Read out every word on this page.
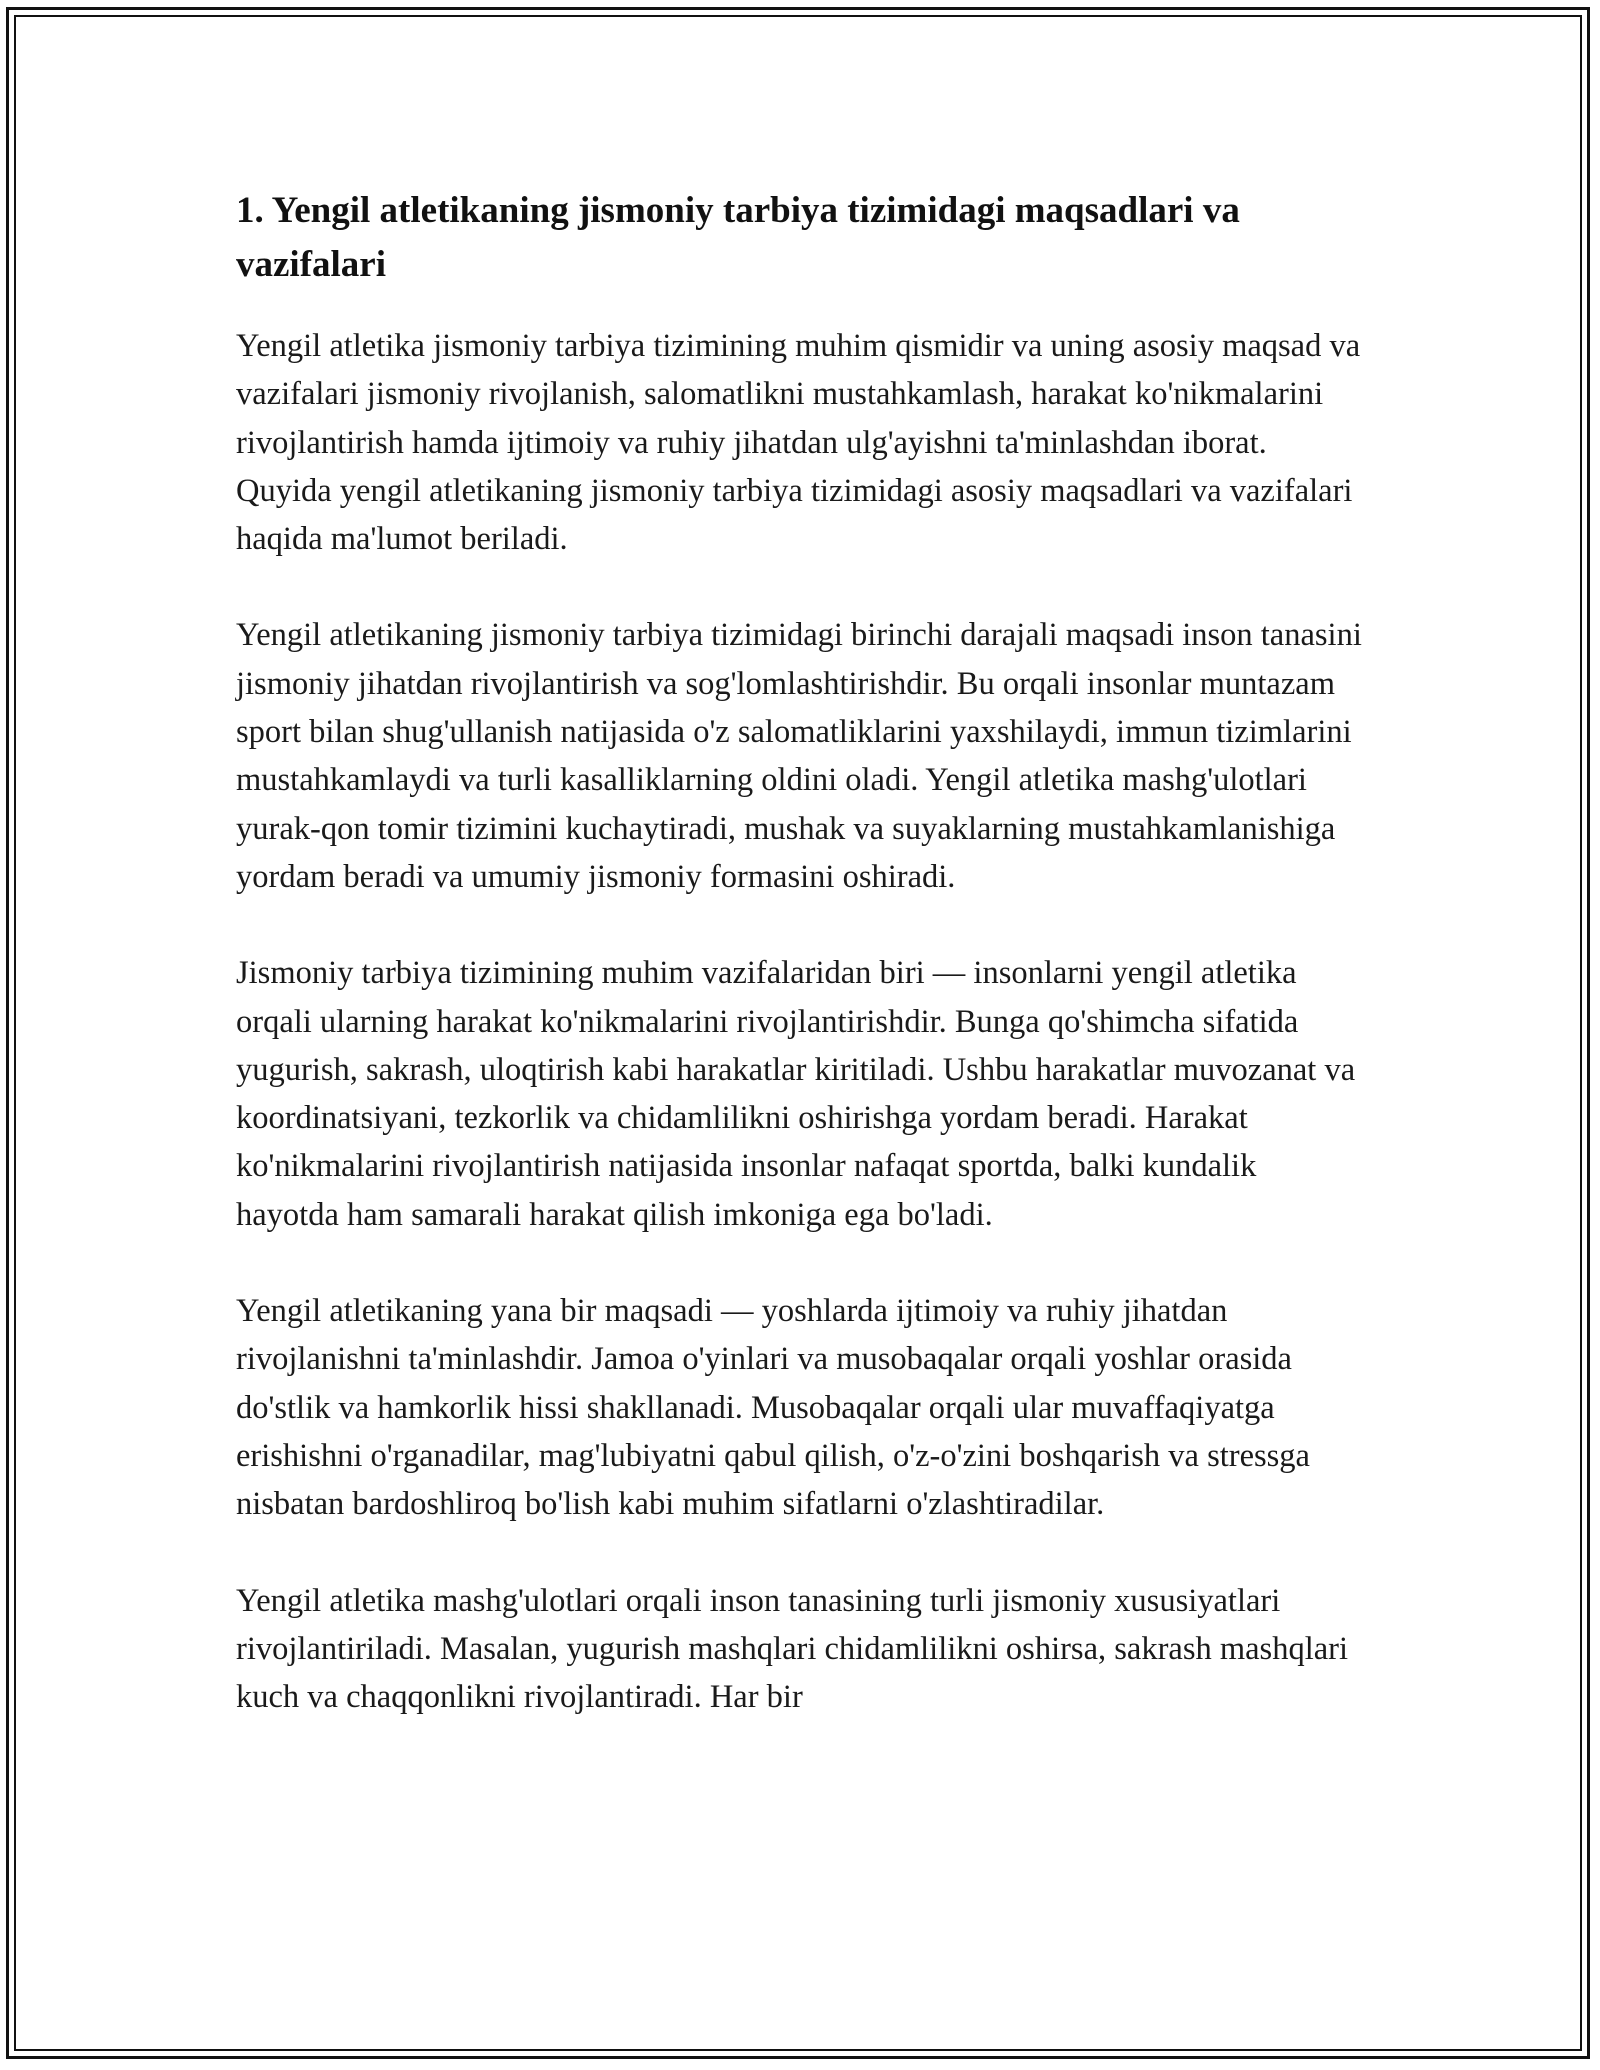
1. Yengil atletikaning jismoniy tarbiya tizimidagi maqsadlari va vazifalari

Yengil atletika jismoniy tarbiya tizimining muhim qismidir va uning asosiy maqsad va vazifalari jismoniy rivojlanish, salomatlikni mustahkamlash, harakat ko'nikmalarini rivojlantirish hamda ijtimoiy va ruhiy jihatdan ulg'ayishni ta'minlashdan iborat. Quyida yengil atletikaning jismoniy tarbiya tizimidagi asosiy maqsadlari va vazifalari haqida ma'lumot beriladi.

Yengil atletikaning jismoniy tarbiya tizimidagi birinchi darajali maqsadi inson tanasini jismoniy jihatdan rivojlantirish va sog'lomlashtirishdir. Bu orqali insonlar muntazam sport bilan shug'ullanish natijasida o'z salomatliklarini yaxshilaydi, immun tizimlarini mustahkamlaydi va turli kasalliklarning oldini oladi. Yengil atletika mashg'ulotlari yurak-qon tomir tizimini kuchaytiradi, mushak va suyaklarning mustahkamlanishiga yordam beradi va umumiy jismoniy formasini oshiradi.

Jismoniy tarbiya tizimining muhim vazifalaridan biri — insonlarni yengil atletika orqali ularning harakat ko'nikmalarini rivojlantirishdir. Bunga qo'shimcha sifatida yugurish, sakrash, uloqtirish kabi harakatlar kiritiladi. Ushbu harakatlar muvozanat va koordinatsiyani, tezkorlik va chidamlilikni oshirishga yordam beradi. Harakat ko'nikmalarini rivojlantirish natijasida insonlar nafaqat sportda, balki kundalik hayotda ham samarali harakat qilish imkoniga ega bo'ladi.

Yengil atletikaning yana bir maqsadi — yoshlarda ijtimoiy va ruhiy jihatdan rivojlanishni ta'minlashdir. Jamoa o'yinlari va musobaqalar orqali yoshlar orasida do'stlik va hamkorlik hissi shakllanadi. Musobaqalar orqali ular muvaffaqiyatga erishishni o'rganadilar, mag'lubiyatni qabul qilish, o'z-o'zini boshqarish va stressga nisbatan bardoshliroq bo'lish kabi muhim sifatlarni o'zlashtiradilar.

Yengil atletika mashg'ulotlari orqali inson tanasining turli jismoniy xususiyatlari rivojlantiriladi. Masalan, yugurish mashqlari chidamlilikni oshirsa, sakrash mashqlari kuch va chaqqonlikni rivojlantiradi. Har bir
